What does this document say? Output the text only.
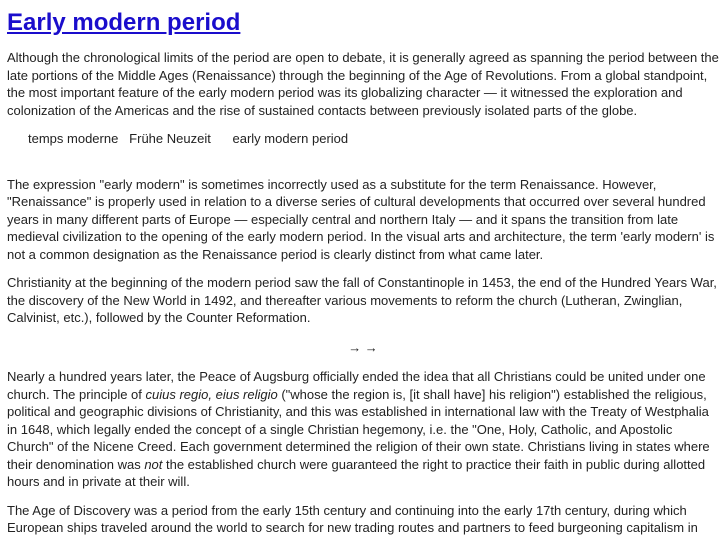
Early modern period

Although the chronological limits of the period are open to debate, it is generally agreed as spanning the period between the late portions of the Middle Ages (Renaissance) through the beginning of the Age of Revolutions. From a global standpoint, the most important feature of the early modern period was its globalizing character — it witnessed the exploration and colonization of the Americas and the rise of sustained contacts between previously isolated parts of the globe.

temps moderne Frühe Neuzeit early modern period

The expression "early modern" is sometimes incorrectly used as a substitute for the term Renaissance. However, "Renaissance" is properly used in relation to a diverse series of cultural developments that occurred over several hundred years in many different parts of Europe — especially central and northern Italy — and it spans the transition from late medieval civilization to the opening of the early modern period. In the visual arts and architecture, the term 'early modern' is not a common designation as the Renaissance period is clearly distinct from what came later.

Christianity at the beginning of the modern period saw the fall of Constantinople in 1453, the end of the Hundred Years War, the discovery of the New World in 1492, and thereafter various movements to reform the church (Lutheran, Zwinglian, Calvinist, etc.), followed by the Counter Reformation.

→ →

Nearly a hundred years later, the Peace of Augsburg officially ended the idea that all Christians could be united under one church. The principle of cuius regio, eius religio ("whose the region is, [it shall have] his religion") established the religious, political and geographic divisions of Christianity, and this was established in international law with the Treaty of Westphalia in 1648, which legally ended the concept of a single Christian hegemony, i.e. the "One, Holy, Catholic, and Apostolic Church" of the Nicene Creed. Each government determined the religion of their own state. Christians living in states where their denomination was not the established church were guaranteed the right to practice their faith in public during allotted hours and in private at their will.

The Age of Discovery was a period from the early 15th century and continuing into the early 17th century, during which European ships traveled around the world to search for new trading routes and partners to feed burgeoning capitalism in
